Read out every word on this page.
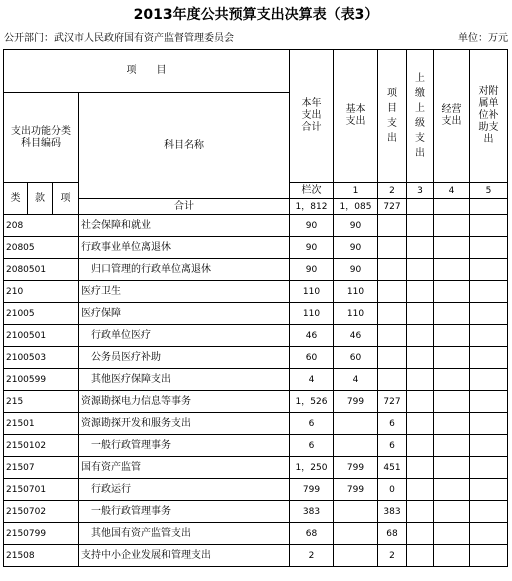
2013年度公共预算支出决算表（表3）
公开部门：武汉市人民政府国有资产监督管理委员会	单位：万元
项　　目				本年支出合计	基本支出	项目支出	上缴上级支出	经营支出	对附属单位补助支出	
支出功能分类科目编码			科目名称							
类	款	项		栏次	1	2	3	4	5	
			合计	1，812	1，085	727				
208			社会保障和就业	90	90					
20805			行政事业单位离退休	90	90					
2080501			归口管理的行政单位离退休	90	90					
210			医疗卫生	110	110					
21005			医疗保障	110	110					
2100501			行政单位医疗	46	46					
2100503			公务员医疗补助	60	60					
2100599			其他医疗保障支出	4	4					
215			资源勘探电力信息等事务	1，526	799	727				
21501			资源勘探开发和服务支出	6		6				
2150102			一般行政管理事务	6		6				
21507			国有资产监管	1，250	799	451				
2150701			行政运行	799	799	0				
2150702			一般行政管理事务	383		383				
2150799			其他国有资产监管支出	68		68				
21508			支持中小企业发展和管理支出	2		2				
